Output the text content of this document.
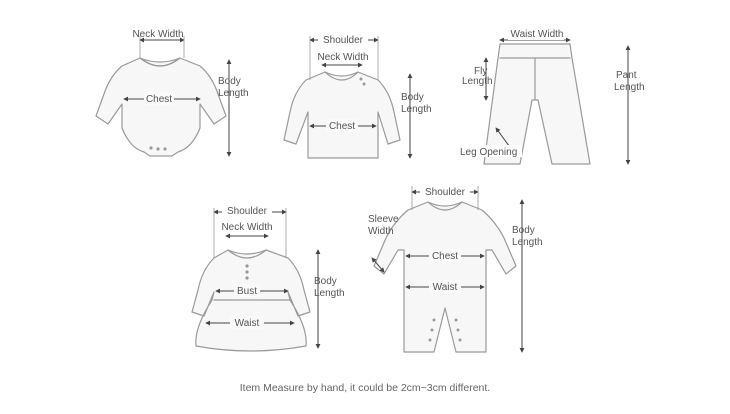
Neck Width
Chest
Body
Length
Shoulder
Neck Width
Chest
Body
Length
Waist Width
Fly
Length
Pant
Length
Leg Opening
Shoulder
Neck Width
Bust
Waist
Body
Length
Shoulder
Sleeve
Width
Chest
Waist
Body
Length
Item Measure by hand, it could be 2cm~3cm different.
